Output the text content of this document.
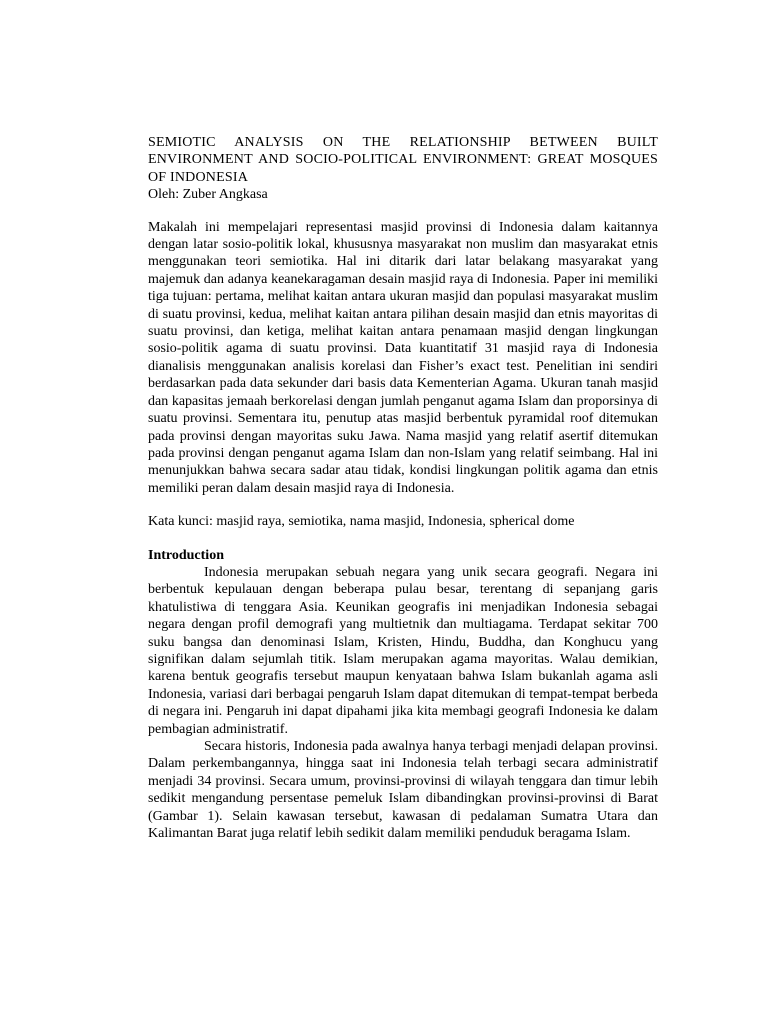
SEMIOTIC ANALYSIS ON THE RELATIONSHIP BETWEEN BUILT ENVIRONMENT AND SOCIO-POLITICAL ENVIRONMENT: GREAT MOSQUES OF INDONESIA

Oleh: Zuber Angkasa

Makalah ini mempelajari representasi masjid provinsi di Indonesia dalam kaitannya dengan latar sosio-politik lokal, khususnya masyarakat non muslim dan masyarakat etnis menggunakan teori semiotika. Hal ini ditarik dari latar belakang masyarakat yang majemuk dan adanya keanekaragaman desain masjid raya di Indonesia. Paper ini memiliki tiga tujuan: pertama, melihat kaitan antara ukuran masjid dan populasi masyarakat muslim di suatu provinsi, kedua, melihat kaitan antara pilihan desain masjid dan etnis mayoritas di suatu provinsi, dan ketiga, melihat kaitan antara penamaan masjid dengan lingkungan sosio-politik agama di suatu provinsi. Data kuantitatif 31 masjid raya di Indonesia dianalisis menggunakan analisis korelasi dan Fisher’s exact test. Penelitian ini sendiri berdasarkan pada data sekunder dari basis data Kementerian Agama. Ukuran tanah masjid dan kapasitas jemaah berkorelasi dengan jumlah penganut agama Islam dan proporsinya di suatu provinsi. Sementara itu, penutup atas masjid berbentuk pyramidal roof ditemukan pada provinsi dengan mayoritas suku Jawa. Nama masjid yang relatif asertif ditemukan pada provinsi dengan penganut agama Islam dan non-Islam yang relatif seimbang. Hal ini menunjukkan bahwa secara sadar atau tidak, kondisi lingkungan politik agama dan etnis memiliki peran dalam desain masjid raya di Indonesia.

Kata kunci: masjid raya, semiotika, nama masjid, Indonesia, spherical dome

Introduction

Indonesia merupakan sebuah negara yang unik secara geografi. Negara ini berbentuk kepulauan dengan beberapa pulau besar, terentang di sepanjang garis khatulistiwa di tenggara Asia. Keunikan geografis ini menjadikan Indonesia sebagai negara dengan profil demografi yang multietnik dan multiagama. Terdapat sekitar 700 suku bangsa dan denominasi Islam, Kristen, Hindu, Buddha, dan Konghucu yang signifikan dalam sejumlah titik. Islam merupakan agama mayoritas. Walau demikian, karena bentuk geografis tersebut maupun kenyataan bahwa Islam bukanlah agama asli Indonesia, variasi dari berbagai pengaruh Islam dapat ditemukan di tempat-tempat berbeda di negara ini. Pengaruh ini dapat dipahami jika kita membagi geografi Indonesia ke dalam pembagian administratif.

Secara historis, Indonesia pada awalnya hanya terbagi menjadi delapan provinsi. Dalam perkembangannya, hingga saat ini Indonesia telah terbagi secara administratif menjadi 34 provinsi. Secara umum, provinsi-provinsi di wilayah tenggara dan timur lebih sedikit mengandung persentase pemeluk Islam dibandingkan provinsi-provinsi di Barat (Gambar 1). Selain kawasan tersebut, kawasan di pedalaman Sumatra Utara dan Kalimantan Barat juga relatif lebih sedikit dalam memiliki penduduk beragama Islam.
